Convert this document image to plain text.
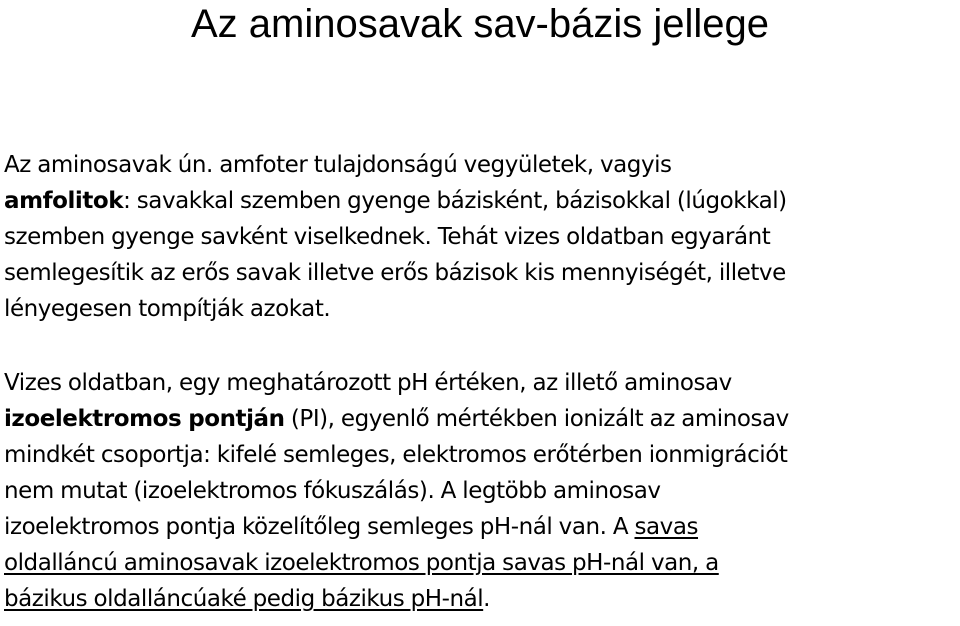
Az aminosavak sav-bázis jellege
Az aminosavak ún. amfoter tulajdonságú vegyületek, vagyis
amfolitok: savakkal szemben gyenge bázisként, bázisokkal (lúgokkal)
szemben gyenge savként viselkednek. Tehát vizes oldatban egyaránt
semlegesítik az erős savak illetve erős bázisok kis mennyiségét, illetve
lényegesen tompítják azokat.
Vizes oldatban, egy meghatározott pH értéken, az illető aminosav
izoelektromos pontján (PI), egyenlő mértékben ionizált az aminosav
mindkét csoportja: kifelé semleges, elektromos erőtérben ionmigrációt
nem mutat (izoelektromos fókuszálás). A legtöbb aminosav
izoelektromos pontja közelítőleg semleges pH-nál van. A savas
oldalláncú aminosavak izoelektromos pontja savas pH-nál van, a
bázikus oldalláncúaké pedig bázikus pH-nál.
